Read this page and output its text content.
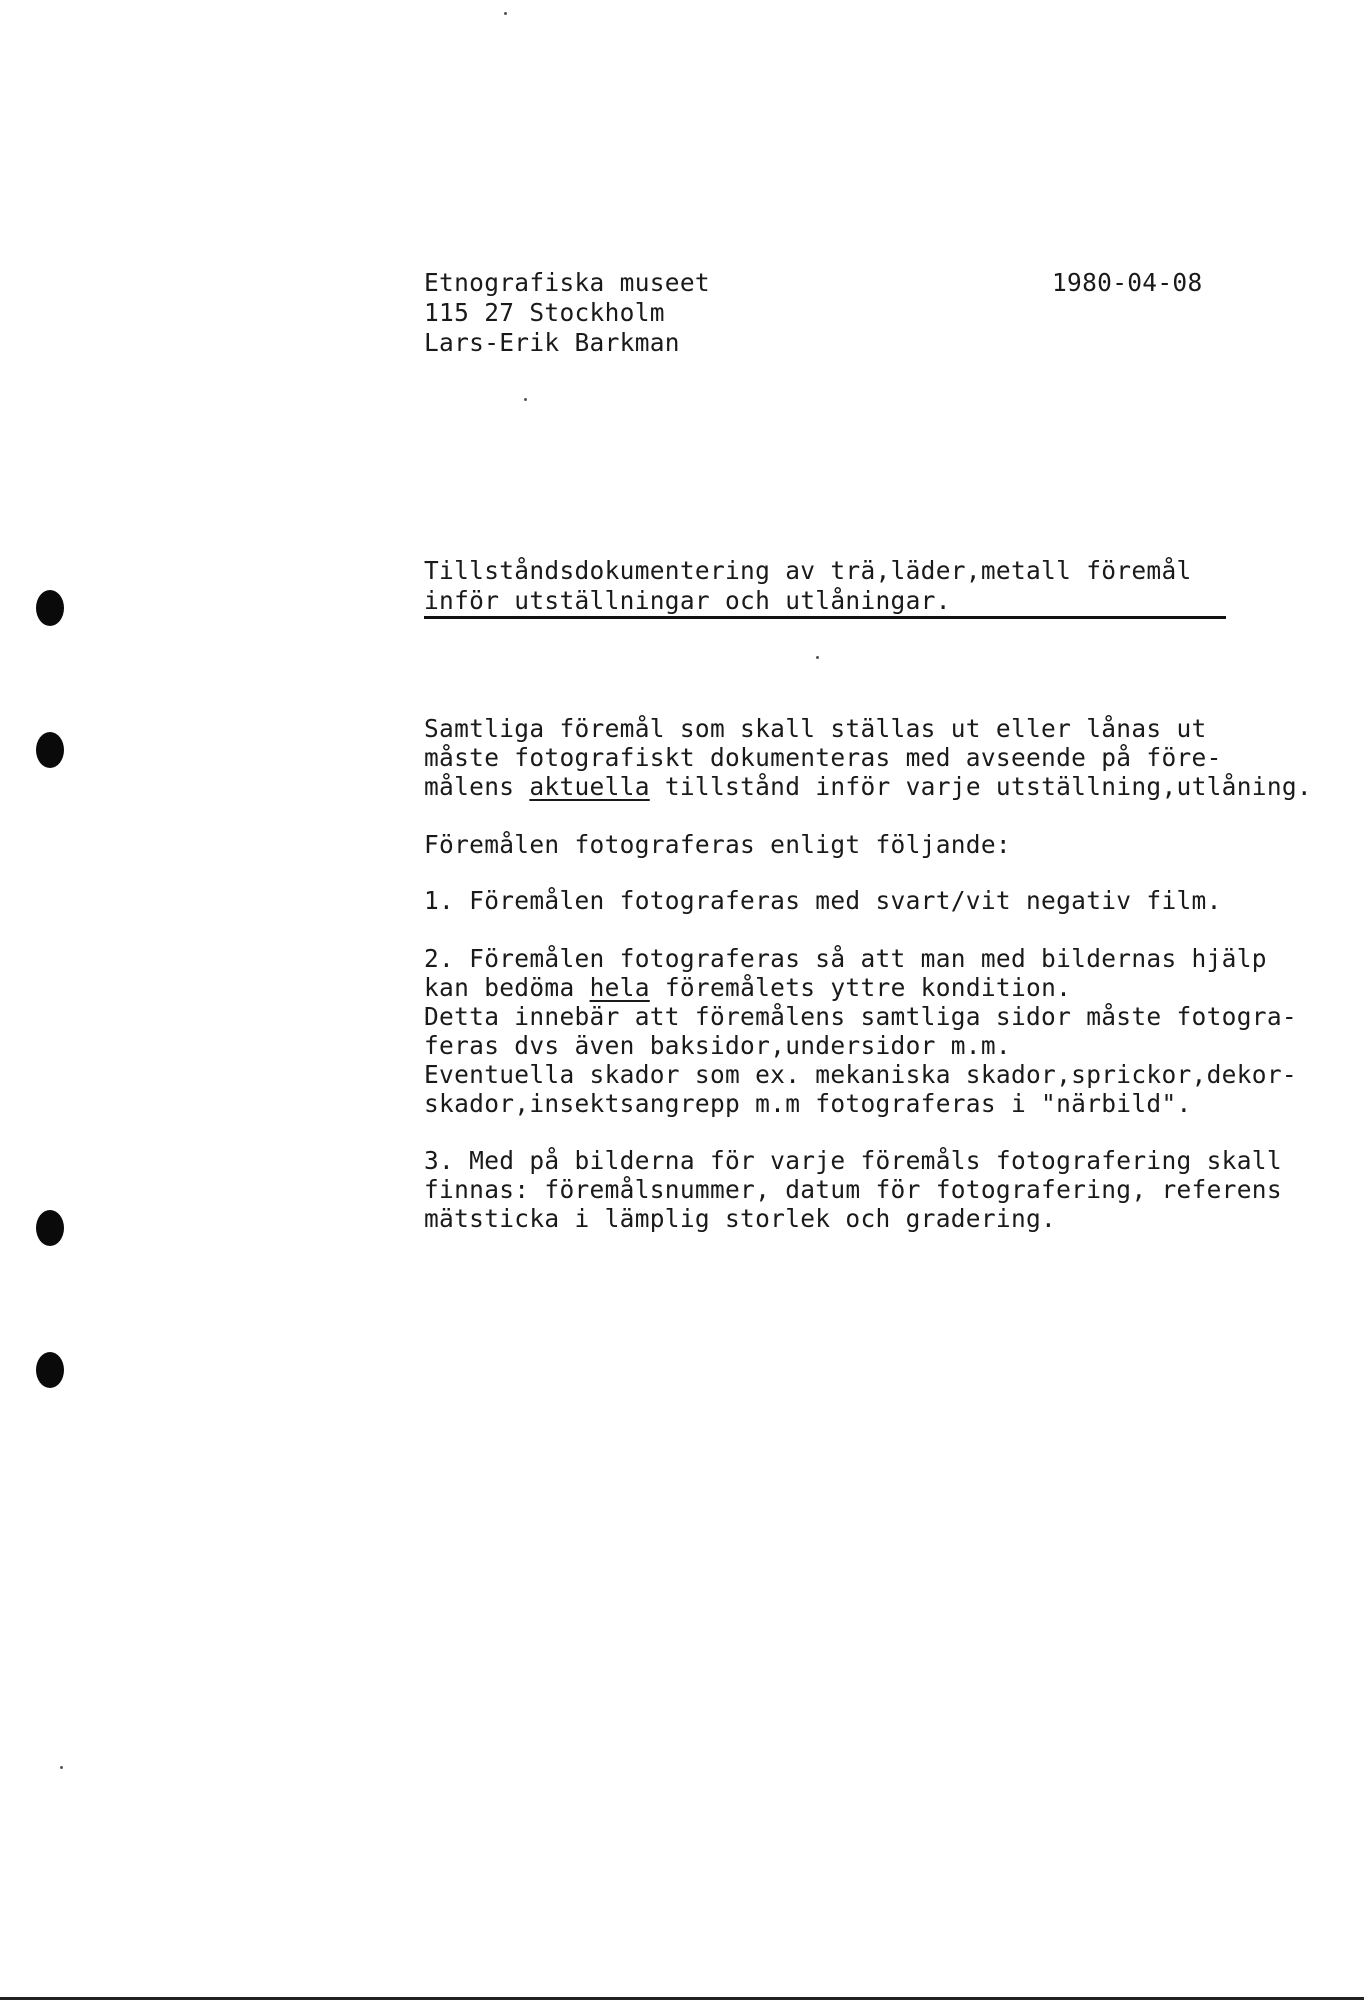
Etnografiska museet
115 27 Stockholm
Lars-Erik Barkman
1980-04-08
Tillståndsdokumentering av trä,läder,metall föremål
inför utställningar och utlåningar.

Samtliga föremål som skall ställas ut eller lånas ut

måste fotografiskt dokumenteras med avseende på före-

målens aktuella tillstånd inför varje utställning,utlåning.

Föremålen fotograferas enligt följande:

1. Föremålen fotograferas med svart/vit negativ film.

2. Föremålen fotograferas så att man med bildernas hjälp

kan bedöma hela föremålets yttre kondition.

Detta innebär att föremålens samtliga sidor måste fotogra-

feras dvs även baksidor,undersidor m.m.

Eventuella skador som ex. mekaniska skador,sprickor,dekor-

skador,insektsangrepp m.m fotograferas i "närbild".

3. Med på bilderna för varje föremåls fotografering skall

finnas: föremålsnummer, datum för fotografering, referens

mätsticka i lämplig storlek och gradering.
